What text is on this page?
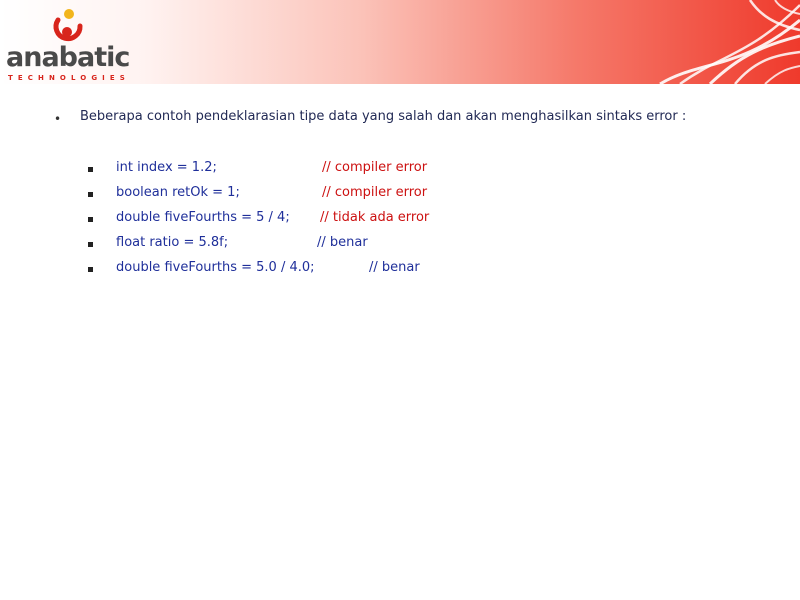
anabatic
TECHNOLOGIES
• Beberapa contoh pendeklarasian tipe data yang salah dan akan menghasilkan sintaks error :
int index = 1.2;	// compiler error
boolean retOk = 1;	// compiler error
double fiveFourths = 5 / 4; // tidak ada error
float ratio = 5.8f;	// benar
double fiveFourths = 5.0 / 4.0;	// benar
